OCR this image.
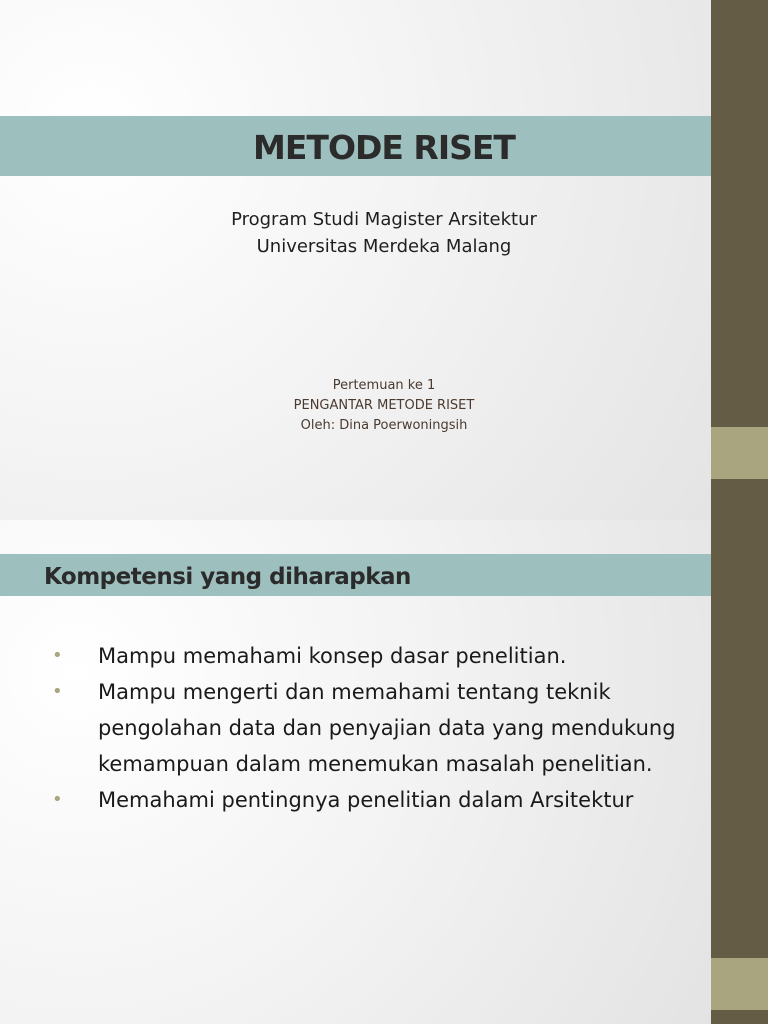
METODE RISET
Program Studi Magister Arsitektur
Universitas Merdeka Malang
Pertemuan ke 1
PENGANTAR METODE RISET
Oleh: Dina Poerwoningsih
Kompetensi yang diharapkan
• Mampu memahami konsep dasar penelitian.
• Mampu mengerti dan memahami tentang teknik pengolahan data dan penyajian data yang mendukung kemampuan dalam menemukan masalah penelitian.
• Memahami pentingnya penelitian dalam Arsitektur
